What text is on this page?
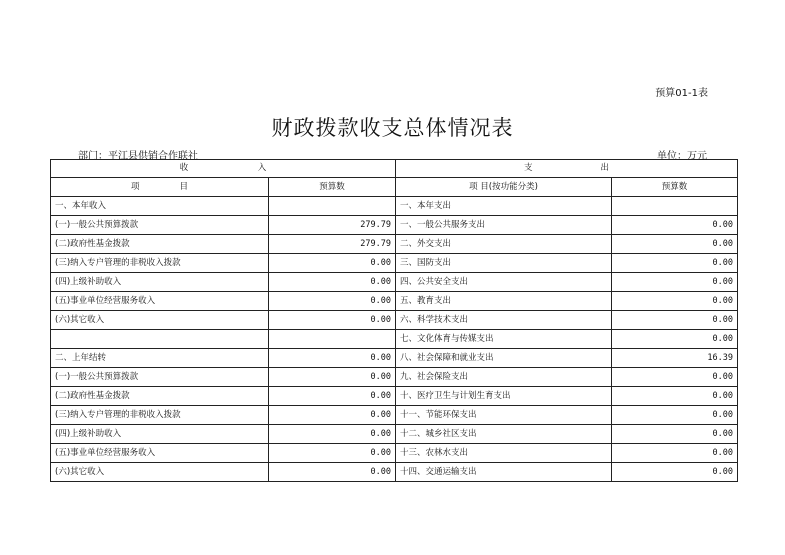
预算01-1表
财政拨款收支总体情况表
部门：平江县供销合作联社	单位：万元
收 入		支 出	

项 目	预算数	项 目(按功能分类)	预算数
一、本年收入		一、本年支出	
(一)一般公共预算拨款	279.79	一、一般公共服务支出	0.00
(二)政府性基金拨款	279.79	二、外交支出	0.00
(三)纳入专户管理的非税收入拨款	0.00	三、国防支出	0.00
(四)上级补助收入	0.00	四、公共安全支出	0.00
(五)事业单位经营服务收入	0.00	五、教育支出	0.00
(六)其它收入	0.00	六、科学技术支出	0.00
		七、文化体育与传媒支出	0.00
二、上年结转	0.00	八、社会保障和就业支出	16.39
(一)一般公共预算拨款	0.00	九、社会保险支出	0.00
(二)政府性基金拨款	0.00	十、医疗卫生与计划生育支出	0.00
(三)纳入专户管理的非税收入拨款	0.00	十一、节能环保支出	0.00
(四)上级补助收入	0.00	十二、城乡社区支出	0.00
(五)事业单位经营服务收入	0.00	十三、农林水支出	0.00
(六)其它收入	0.00	十四、交通运输支出	0.00
